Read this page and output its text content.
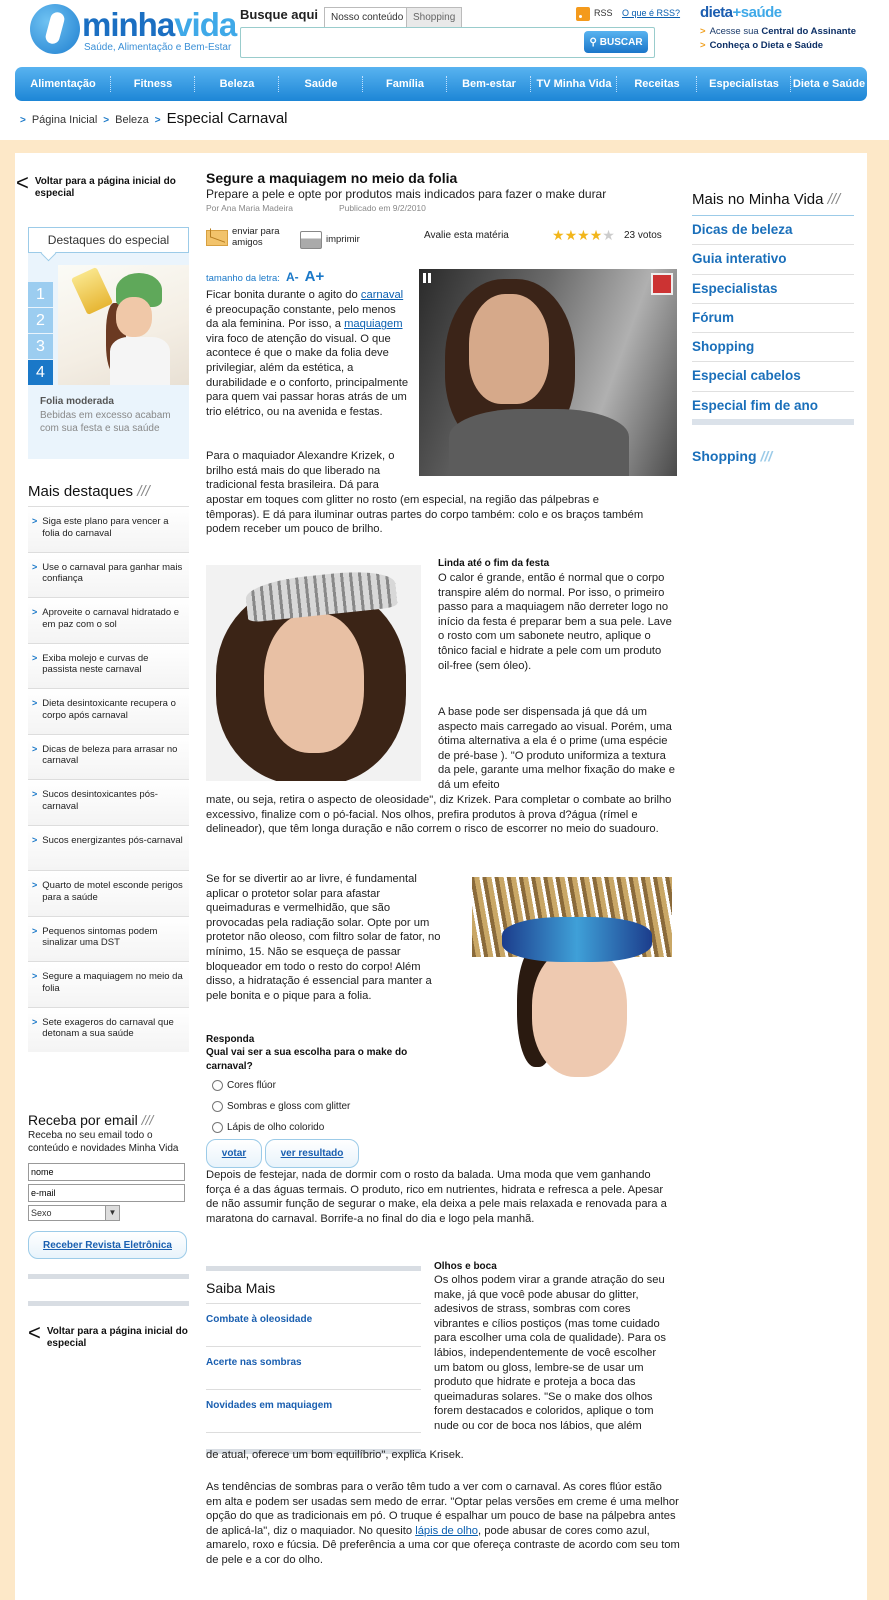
minhavida
Saúde, Alimentação e Bem-Estar
Busque aqui	Nosso conteúdo Shopping
⚲ BUSCAR
RSS O que é RSS? dieta+saúde
> Acesse sua Central do Assinante
> Conheça o Dieta e Saúde
Alimentação	Fitness	Beleza	Saúde	Família	Bem-estar	TV Minha Vida	Receitas	Especialistas	Dieta e Saúde
> Página Inicial > Beleza > Especial Carnaval
< Voltar para a página inicial do especial
Destaques do especial
1
2
3
4
Folia moderada
Bebidas em excesso acabam com sua festa e sua saúde
Mais destaques ///
> Siga este plano para vencer a folia do carnaval
> Use o carnaval para ganhar mais confiança
> Aproveite o carnaval hidratado e em paz com o sol
> Exiba molejo e curvas de passista neste carnaval
> Dieta desintoxicante recupera o corpo após carnaval
> Dicas de beleza para arrasar no carnaval
> Sucos desintoxicantes pós-carnaval
> Sucos energizantes pós-carnaval
> Quarto de motel esconde perigos para a saúde
> Pequenos sintomas podem sinalizar uma DST
> Segure a maquiagem no meio da folia
> Sete exageros do carnaval que detonam a sua saúde
Receba por email ///
Receba no seu email todo o conteúdo e novidades Minha Vida
nome
e-mail
Sexo	▼
Receber Revista Eletrônica
< Voltar para a página inicial do especial
Segure a maquiagem no meio da folia
Prepare a pele e opte por produtos mais indicados para fazer o make durar
Por Ana Maria Madeira	Publicado em 9/2/2010
enviar para amigos	imprimir	Avalie esta matéria	★ ★ ★ ★ ★ 23 votos
tamanho da letra: A- A+
Ficar bonita durante o agito do carnaval é preocupação constante, pelo menos da ala feminina. Por isso, a maquiagem vira foco de atenção do visual. O que acontece é que o make da folia deve privilegiar, além da estética, a durabilidade e o conforto, principalmente para quem vai passar horas atrás de um trio elétrico, ou na avenida e festas.
Para o maquiador Alexandre Krizek, o brilho está mais do que liberado na tradicional festa brasileira. Dá para
apostar em toques com glitter no rosto (em especial, na região das pálpebras e têmporas). E dá para iluminar outras partes do corpo também: colo e os braços também podem receber um pouco de brilho.
Linda até o fim da festa
O calor é grande, então é normal que o corpo transpire além do normal. Por isso, o primeiro passo para a maquiagem não derreter logo no início da festa é preparar bem a sua pele. Lave o rosto com um sabonete neutro, aplique o tônico facial e hidrate a pele com um produto oil-free (sem óleo).
A base pode ser dispensada já que dá um aspecto mais carregado ao visual. Porém, uma ótima alternativa a ela é o prime (uma espécie de pré-base ). "O produto uniformiza a textura da pele, garante uma melhor fixação do make e dá um efeito
mate, ou seja, retira o aspecto de oleosidade", diz Krizek. Para completar o combate ao brilho excessivo, finalize com o pó-facial. Nos olhos, prefira produtos à prova d?água (rímel e delineador), que têm longa duração e não correm o risco de escorrer no meio do suadouro.
Se for se divertir ao ar livre, é fundamental aplicar o protetor solar para afastar queimaduras e vermelhidão, que são provocadas pela radiação solar. Opte por um protetor não oleoso, com filtro solar de fator, no mínimo, 15. Não se esqueça de passar bloqueador em todo o resto do corpo! Além disso, a hidratação é essencial para manter a pele bonita e o pique para a folia.
Responda
Qual vai ser a sua escolha para o make do carnaval?
Cores flúor
Sombras e gloss com glitter
Lápis de olho colorido
votar	ver resultado
Depois de festejar, nada de dormir com o rosto da balada. Uma moda que vem ganhando força é a das águas termais. O produto, rico em nutrientes, hidrata e refresca a pele. Apesar de não assumir função de segurar o make, ela deixa a pele mais relaxada e renovada para a maratona do carnaval. Borrife-a no final do dia e logo pela manhã.
Saiba Mais
Combate à oleosidade
Acerte nas sombras
Novidades em maquiagem
Olhos e boca
Os olhos podem virar a grande atração do seu make, já que você pode abusar do glitter, adesivos de strass, sombras com cores vibrantes e cílios postiços (mas tome cuidado para escolher uma cola de qualidade). Para os lábios, independentemente de você escolher um batom ou gloss, lembre-se de usar um produto que hidrate e proteja a boca das queimaduras solares. "Se o make dos olhos forem destacados e coloridos, aplique o tom nude ou cor de boca nos lábios, que além
de atual, oferece um bom equilíbrio", explica Krisek.
As tendências de sombras para o verão têm tudo a ver com o carnaval. As cores flúor estão em alta e podem ser usadas sem medo de errar. "Optar pelas versões em creme é uma melhor opção do que as tradicionais em pó. O truque é espalhar um pouco de base na pálpebra antes de aplicá-la", diz o maquiador. No quesito lápis de olho, pode abusar de cores como azul, amarelo, roxo e fúcsia. Dê preferência a uma cor que ofereça contraste de acordo com seu tom de pele e a cor do olho.
Mais no Minha Vida ///
Dicas de beleza
Guia interativo
Especialistas
Fórum
Shopping
Especial cabelos
Especial fim de ano
Shopping ///
